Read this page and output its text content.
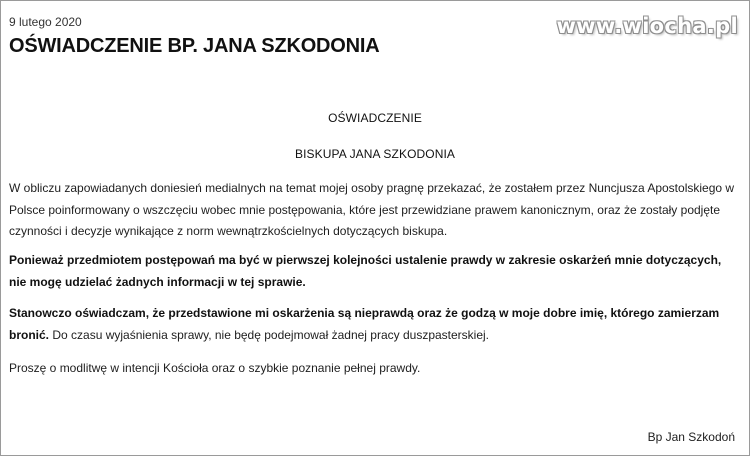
9 lutego 2020
OŚWIADCZENIE BP. JANA SZKODONIA
www.wiocha.pl
OŚWIADCZENIE
BISKUPA JANA SZKODONIA

W obliczu zapowiadanych doniesień medialnych na temat mojej osoby pragnę przekazać, że zostałem przez Nuncjusza Apostolskiego w Polsce poinformowany o wszczęciu wobec mnie postępowania, które jest przewidziane prawem kanonicznym, oraz że zostały podjęte czynności i decyzje wynikające z norm wewnątrzkościelnych dotyczących biskupa.

Ponieważ przedmiotem postępowań ma być w pierwszej kolejności ustalenie prawdy w zakresie oskarżeń mnie dotyczących, nie mogę udzielać żadnych informacji w tej sprawie.

Stanowczo oświadczam, że przedstawione mi oskarżenia są nieprawdą oraz że godzą w moje dobre imię, którego zamierzam bronić. Do czasu wyjaśnienia sprawy, nie będę podejmował żadnej pracy duszpasterskiej.

Proszę o modlitwę w intencji Kościoła oraz o szybkie poznanie pełnej prawdy.

Bp Jan Szkodoń
